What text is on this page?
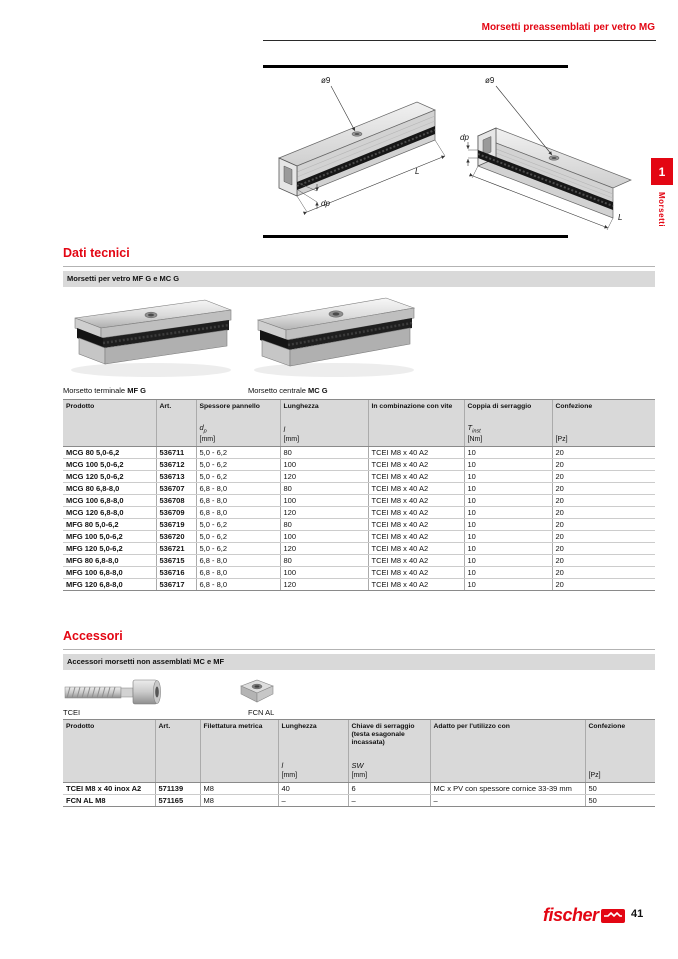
Morsetti preassemblati per vetro MG
ø9
L
dp
ø9
dp
L
1
Morsetti
Dati tecnici
Morsetti per vetro MF G e MC G
Morsetto terminale MF G	Morsetto centrale MC G
Prodotto	Art.	Spessore pannello	Lunghezza	In combinazione con vite	Coppia di serraggio	Confezione
		$d_p$	l		$T_{inst}$	
		[mm]	[mm]		[Nm]	[Pz]
MCG 80 5,0-6,2	536711	5,0 - 6,2	80	TCEI M8 x 40 A2	10	20
MCG 100 5,0-6,2	536712	5,0 - 6,2	100	TCEI M8 x 40 A2	10	20
MCG 120 5,0-6,2	536713	5,0 - 6,2	120	TCEI M8 x 40 A2	10	20
MCG 80 6,8-8,0	536707	6,8 - 8,0	80	TCEI M8 x 40 A2	10	20
MCG 100 6,8-8,0	536708	6,8 - 8,0	100	TCEI M8 x 40 A2	10	20
MCG 120 6,8-8,0	536709	6,8 - 8,0	120	TCEI M8 x 40 A2	10	20
MFG 80 5,0-6,2	536719	5,0 - 6,2	80	TCEI M8 x 40 A2	10	20
MFG 100 5,0-6,2	536720	5,0 - 6,2	100	TCEI M8 x 40 A2	10	20
MFG 120 5,0-6,2	536721	5,0 - 6,2	120	TCEI M8 x 40 A2	10	20
MFG 80 6,8-8,0	536715	6,8 - 8,0	80	TCEI M8 x 40 A2	10	20
MFG 100 6,8-8,0	536716	6,8 - 8,0	100	TCEI M8 x 40 A2	10	20
MFG 120 6,8-8,0	536717	6,8 - 8,0	120	TCEI M8 x 40 A2	10	20
Accessori
Accessori morsetti non assemblati MC e MF
TCEI	FCN AL
Prodotto	Art.	Filettatura metrica	Lunghezza	Chiave di serraggio (testa esagonale incassata)	Adatto per l'utilizzo con	Confezione
			l	SW		
			[mm]	[mm]		[Pz]
TCEI M8 x 40 inox A2	571139	M8	40	6	MC x PV con spessore cornice 33-39 mm	50
FCN AL M8	571165	M8	–	–	–	50
fischer	41
